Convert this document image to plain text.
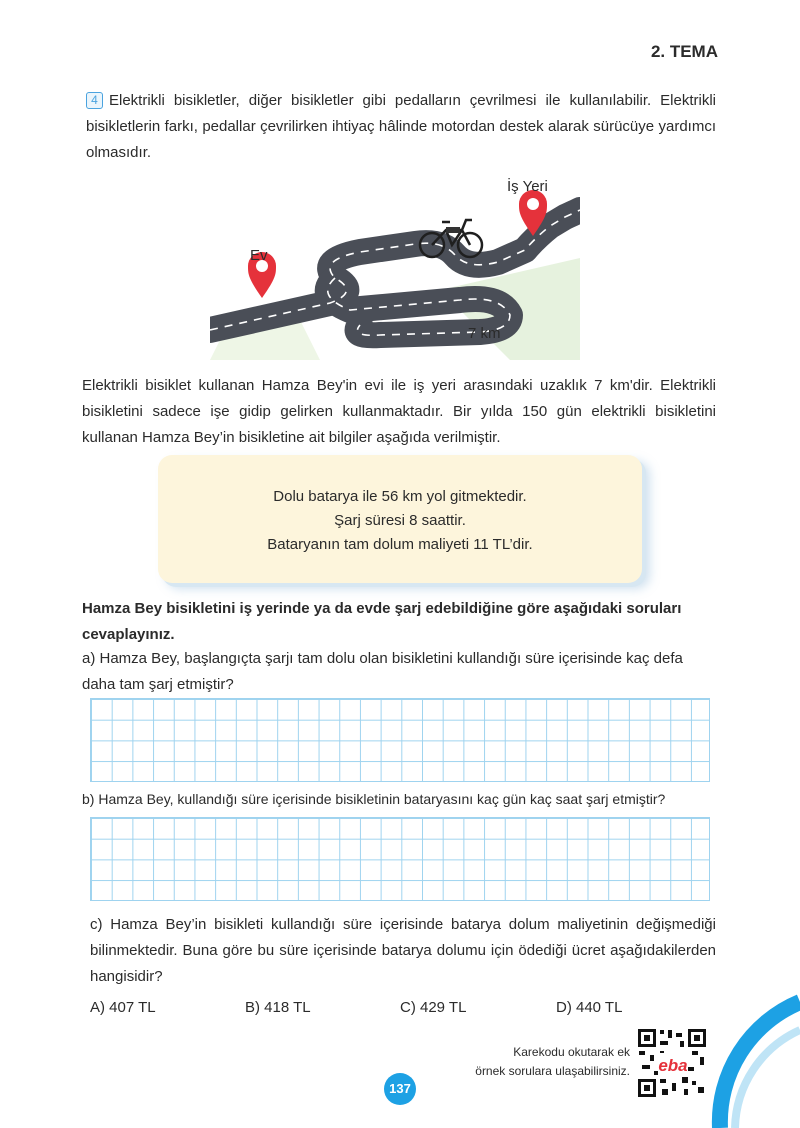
2. TEMA
4 Elektrikli bisikletler, diğer bisikletler gibi pedalların çevrilmesi ile kullanılabilir. Elektrikli bisikletlerin farkı, pedallar çevrilirken ihtiyaç hâlinde motordan destek alarak sürücüye yardımcı olmasıdır.
Ev
İş Yeri
7 km
Elektrikli bisiklet kullanan Hamza Bey'in evi ile iş yeri arasındaki uzaklık 7 km'dir. Elektrikli bisikletini sadece işe gidip gelirken kullanmaktadır. Bir yılda 150 gün elektrikli bisikletini kullanan Hamza Bey’in bisikletine ait bilgiler aşağıda verilmiştir.
Dolu batarya ile 56 km yol gitmektedir.
Şarj süresi 8 saattir.
Bataryanın tam dolum maliyeti 11 TL’dir.
Hamza Bey bisikletini iş yerinde ya da evde şarj edebildiğine göre aşağıdaki soruları cevaplayınız.
a) Hamza Bey, başlangıçta şarjı tam dolu olan bisikletini kullandığı süre içerisinde kaç defa daha tam şarj etmiştir?
b) Hamza Bey, kullandığı süre içerisinde bisikletinin bataryasını kaç gün kaç saat şarj etmiştir?
c) Hamza Bey’in bisikleti kullandığı süre içerisinde batarya dolum maliyetinin değişmediği bilinmektedir. Buna göre bu süre içerisinde batarya dolumu için ödediği ücret aşağıdakilerden hangisidir?
A) 407 TL	B) 418 TL	C) 429 TL	D) 440 TL
Karekodu okutarak ek
örnek sorulara ulaşabilirsiniz. eba
137
